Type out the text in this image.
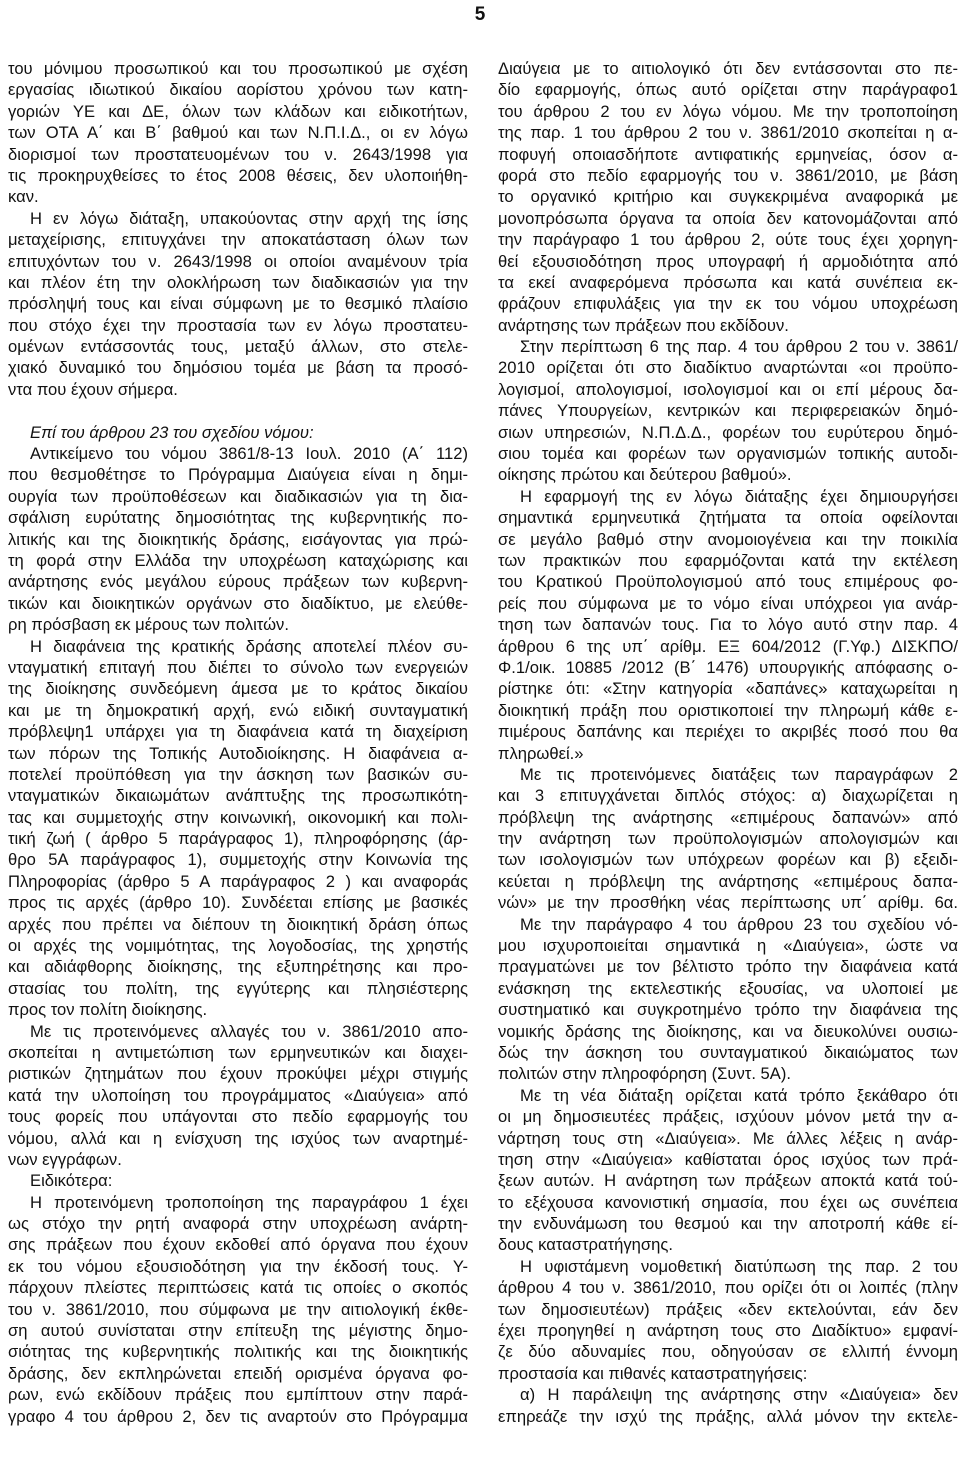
5
του μόνιμου προσωπικού και του προσωπικού με σχέση
εργασίας ιδιωτικού δικαίου αορίστου χρόνου των κατη-
γοριών ΥΕ και ΔΕ, όλων των κλάδων και ειδικοτήτων,
των ΟΤΑ Α΄ και Β΄ βαθμού και των Ν.Π.Ι.Δ., οι εν λόγω
διορισμοί των προστατευομένων του ν. 2643/1998 για
τις προκηρυχθείσες το έτος 2008 θέσεις, δεν υλοποιήθη-
καν.
Η εν λόγω διάταξη, υπακούοντας στην αρχή της ίσης
μεταχείρισης, επιτυγχάνει την αποκατάσταση όλων των
επιτυχόντων του ν. 2643/1998 οι οποίοι αναμένουν τρία
και πλέον έτη την ολοκλήρωση των διαδικασιών για την
πρόσληψή τους και είναι σύμφωνη με το θεσμικό πλαίσιο
που στόχο έχει την προστασία των εν λόγω προστατευ-
ομένων εντάσσοντάς τους, μεταξύ άλλων, στο στελε-
χιακό δυναμικό του δημόσιου τομέα με βάση τα προσό-
ντα που έχουν σήμερα.
Επί του άρθρου 23 του σχεδίου νόμου:
Αντικείμενο του νόμου 3861/8-13 Ιουλ. 2010 (Α΄ 112)
που θεσμοθέτησε το Πρόγραμμα Διαύγεια είναι η δημι-
ουργία των προϋποθέσεων και διαδικασιών για τη δια-
σφάλιση ευρύτατης δημοσιότητας της κυβερνητικής πο-
λιτικής και της διοικητικής δράσης, εισάγοντας για πρώ-
τη φορά στην Ελλάδα την υποχρέωση καταχώρισης και
ανάρτησης ενός μεγάλου εύρους πράξεων των κυβερνη-
τικών και διοικητικών οργάνων στο διαδίκτυο, με ελεύθε-
ρη πρόσβαση εκ μέρους των πολιτών.
Η διαφάνεια της κρατικής δράσης αποτελεί πλέον συ-
νταγματική επιταγή που διέπει το σύνολο των ενεργειών
της διοίκησης συνδεόμενη άμεσα με το κράτος δικαίου
και με τη δημοκρατική αρχή, ενώ ειδική συνταγματική
πρόβλεψη1 υπάρχει για τη διαφάνεια κατά τη διαχείριση
των πόρων της Τοπικής Αυτοδιοίκησης. Η διαφάνεια α-
ποτελεί προϋπόθεση για την άσκηση των βασικών συ-
νταγματικών δικαιωμάτων ανάπτυξης της προσωπικότη-
τας και συμμετοχής στην κοινωνική, οικονομική και πολι-
τική ζωή ( άρθρο 5 παράγραφος 1), πληροφόρησης (άρ-
θρο 5Α παράγραφος 1), συμμετοχής στην Κοινωνία της
Πληροφορίας (άρθρο 5 Α παράγραφος 2 ) και αναφοράς
προς τις αρχές (άρθρο 10). Συνδέεται επίσης με βασικές
αρχές που πρέπει να διέπουν τη διοικητική δράση όπως
οι αρχές της νομιμότητας, της λογοδοσίας, της χρηστής
και αδιάφθορης διοίκησης, της εξυπηρέτησης και προ-
στασίας του πολίτη, της εγγύτερης και πλησιέστερης
προς τον πολίτη διοίκησης.
Με τις προτεινόμενες αλλαγές του ν. 3861/2010 απο-
σκοπείται η αντιμετώπιση των ερμηνευτικών και διαχει-
ριστικών ζητημάτων που έχουν προκύψει μέχρι στιγμής
κατά την υλοποίηση του προγράμματος «Διαύγεια» από
τους φορείς που υπάγονται στο πεδίο εφαρμογής του
νόμου, αλλά και η ενίσχυση της ισχύος των αναρτημέ-
νων εγγράφων.
Ειδικότερα:
Η προτεινόμενη τροποποίηση της παραγράφου 1 έχει
ως στόχο την ρητή αναφορά στην υποχρέωση ανάρτη-
σης πράξεων που έχουν εκδοθεί από όργανα που έχουν
εκ του νόμου εξουσιοδότηση για την έκδοσή τους. Υ-
πάρχουν πλείστες περιπτώσεις κατά τις οποίες ο σκοπός
του ν. 3861/2010, που σύμφωνα με την αιτιολογική έκθε-
ση αυτού συνίσταται στην επίτευξη της μέγιστης δημο-
σιότητας της κυβερνητικής πολιτικής και της διοικητικής
δράσης, δεν εκπληρώνεται επειδή ορισμένα όργανα φο-
ρων, ενώ εκδίδουν πράξεις που εμπίπτουν στην παρά-
γραφο 4 του άρθρου 2, δεν τις αναρτούν στο Πρόγραμμα
Διαύγεια με το αιτιολογικό ότι δεν εντάσσονται στο πε-
δίο εφαρμογής, όπως αυτό ορίζεται στην παράγραφο1
του άρθρου 2 του εν λόγω νόμου. Με την τροποποίηση
της παρ. 1 του άρθρου 2 του ν. 3861/2010 σκοπείται η α-
ποφυγή οποιασδήποτε αντιφατικής ερμηνείας, όσον α-
φορά στο πεδίο εφαρμογής του ν. 3861/2010, με βάση
το οργανικό κριτήριο και συγκεκριμένα αναφορικά με
μονοπρόσωπα όργανα τα οποία δεν κατονομάζονται από
την παράγραφο 1 του άρθρου 2, ούτε τους έχει χορηγη-
θεί εξουσιοδότηση προς υπογραφή ή αρμοδιότητα από
τα εκεί αναφερόμενα πρόσωπα και κατά συνέπεια εκ-
φράζουν επιφυλάξεις για την εκ του νόμου υποχρέωση
ανάρτησης των πράξεων που εκδίδουν.
Στην περίπτωση 6 της παρ. 4 του άρθρου 2 του ν. 3861/
2010 ορίζεται ότι στο διαδίκτυο αναρτώνται «οι προϋπο-
λογισμοί, απολογισμοί, ισολογισμοί και οι επί μέρους δα-
πάνες Υπουργείων, κεντρικών και περιφερειακών δημό-
σιων υπηρεσιών, Ν.Π.Δ.Δ., φορέων του ευρύτερου δημό-
σιου τομέα και φορέων των οργανισμών τοπικής αυτοδι-
οίκησης πρώτου και δεύτερου βαθμού».
Η εφαρμογή της εν λόγω διάταξης έχει δημιουργήσει
σημαντικά ερμηνευτικά ζητήματα τα οποία οφείλονται
σε μεγάλο βαθμό στην ανομοιογένεια και την ποικιλία
των πρακτικών που εφαρμόζονται κατά την εκτέλεση
του Κρατικού Προϋπολογισμού από τους επιμέρους φο-
ρείς που σύμφωνα με το νόμο είναι υπόχρεοι για ανάρ-
τηση των δαπανών τους. Για το λόγο αυτό στην παρ. 4
άρθρου 6 της υπ΄ αρίθμ. ΕΞ 604/2012 (Γ.Υφ.) ΔΙΣΚΠΟ/
Φ.1/οικ. 10885 /2012 (Β΄ 1476) υπουργικής απόφασης ο-
ρίστηκε ότι: «Στην κατηγορία «δαπάνες» καταχωρείται η
διοικητική πράξη που οριστικοποιεί την πληρωμή κάθε ε-
πιμέρους δαπάνης και περιέχει το ακριβές ποσό που θα
πληρωθεί.»
Με τις προτεινόμενες διατάξεις των παραγράφων 2
και 3 επιτυγχάνεται διπλός στόχος: α) διαχωρίζεται η
πρόβλεψη της ανάρτησης «επιμέρους δαπανών» από
την ανάρτηση των προϋπολογισμών απολογισμών και
των ισολογισμών των υπόχρεων φορέων και β) εξειδι-
κεύεται η πρόβλεψη της ανάρτησης «επιμέρους δαπα-
νών» με την προσθήκη νέας περίπτωσης υπ΄ αρίθμ. 6α.
Με την παράγραφο 4 του άρθρου 23 του σχεδίου νό-
μου ισχυροποιείται σημαντικά η «Διαύγεια», ώστε να
πραγματώνει με τον βέλτιστο τρόπο την διαφάνεια κατά
ενάσκηση της εκτελεστικής εξουσίας, να υλοποιεί με
συστηματικό και συγκροτημένο τρόπο την διαφάνεια της
νομικής δράσης της διοίκησης, και να διευκολύνει ουσιω-
δώς την άσκηση του συνταγματικού δικαιώματος των
πολιτών στην πληροφόρηση (Συντ. 5Α).
Με τη νέα διάταξη ορίζεται κατά τρόπο ξεκάθαρο ότι
οι μη δημοσιευτέες πράξεις, ισχύουν μόνον μετά την α-
νάρτηση τους στη «Διαύγεια». Με άλλες λέξεις η ανάρ-
τηση στην «Διαύγεια» καθίσταται όρος ισχύος των πρά-
ξεων αυτών. Η ανάρτηση των πράξεων αποκτά κατά τού-
το εξέχουσα κανονιστική σημασία, που έχει ως συνέπεια
την ενδυνάμωση του θεσμού και την αποτροπή κάθε εί-
δους καταστρατήγησης.
Η υφιστάμενη νομοθετική διατύπωση της παρ. 2 του
άρθρου 4 του ν. 3861/2010, που ορίζει ότι οι λοιπές (πλην
των δημοσιευτέων) πράξεις «δεν εκτελούνται, εάν δεν
έχει προηγηθεί η ανάρτηση τους στο Διαδίκτυο» εμφανί-
ζε δύο αδυναμίες που, οδηγούσαν σε ελλιπή έννομη
προστασία και πιθανές καταστρατηγήσεις:
α) Η παράλειψη της ανάρτησης στην «Διαύγεια» δεν
επηρεάζε την ισχύ της πράξης, αλλά μόνον την εκτελε-
